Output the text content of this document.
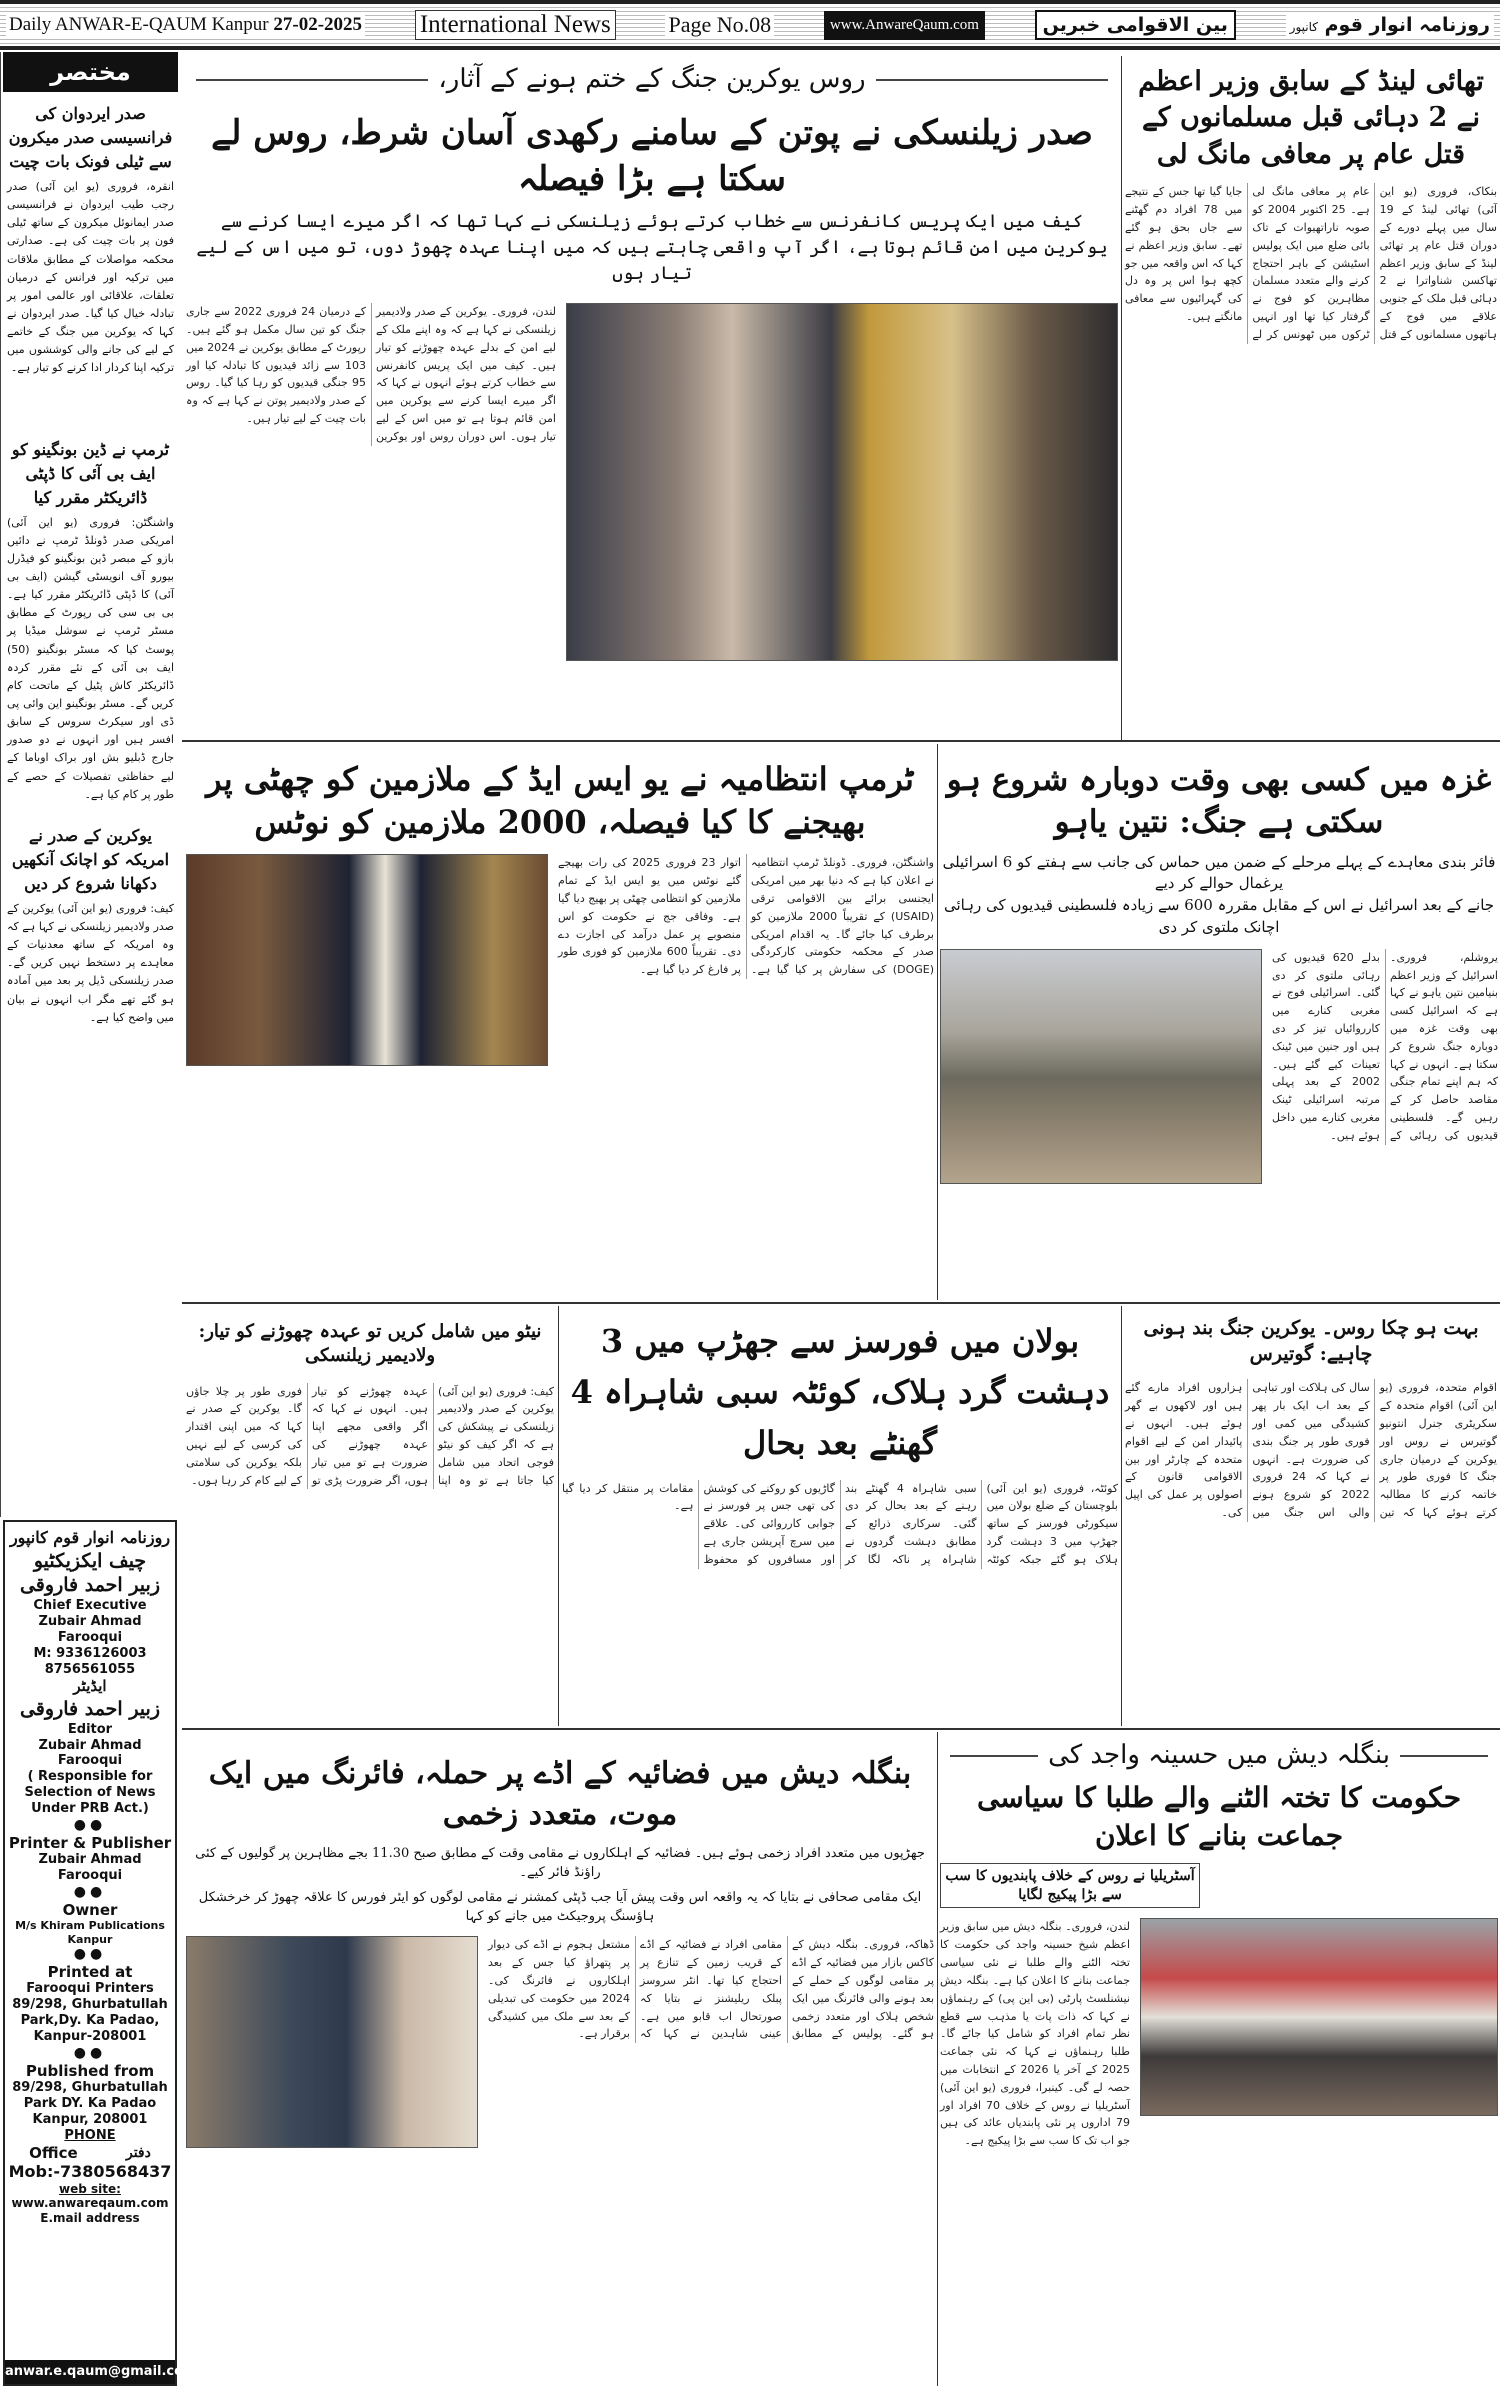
Daily ANWAR-E-QAUM Kanpur 27-02-2025 International News	Page No.08	www.AnwareQaum.com	بین الاقوامی خبریں	روزنامہ انوار قوم کانپور
مختصر
صدر ایردوان کی فرانسیسی صدر میکرون سے ٹیلی فونک بات چیت

انقرہ، فروری (یو این آئی) صدر رجب طیب ایردوان نے فرانسیسی صدر ایمانوئل میکرون کے ساتھ ٹیلی فون پر بات چیت کی ہے۔ صدارتی محکمہ مواصلات کے مطابق ملاقات میں ترکیہ اور فرانس کے درمیان تعلقات، علاقائی اور عالمی امور پر تبادلہ خیال کیا گیا۔ صدر ایردوان نے کہا کہ یوکرین میں جنگ کے خاتمے کے لیے کی جانے والی کوششوں میں ترکیہ اپنا کردار ادا کرنے کو تیار ہے۔

ٹرمپ نے ڈین بونگینو کو ایف بی آئی کا ڈپٹی ڈائریکٹر مقرر کیا

واشنگٹن: فروری (یو این آئی) امریکی صدر ڈونلڈ ٹرمپ نے دائیں بازو کے مبصر ڈین بونگینو کو فیڈرل بیورو آف انویسٹی گیشن (ایف بی آئی) کا ڈپٹی ڈائریکٹر مقرر کیا ہے۔ بی بی سی کی رپورٹ کے مطابق مسٹر ٹرمپ نے سوشل میڈیا پر پوسٹ کیا کہ مسٹر بونگینو (50) ایف بی آئی کے نئے مقرر کردہ ڈائریکٹر کاش پٹیل کے ماتحت کام کریں گے۔ مسٹر بونگینو این وائی پی ڈی اور سیکرٹ سروس کے سابق افسر ہیں اور انہوں نے دو صدور جارج ڈبلیو بش اور براک اوباما کے لیے حفاظتی تفصیلات کے حصے کے طور پر کام کیا ہے۔

یوکرین کے صدر نے امریکہ کو اچانک آنکھیں دکھانا شروع کر دیں

کیف: فروری (یو این آئی) یوکرین کے صدر ولادیمیر زیلنسکی نے کہا ہے کہ وہ امریکہ کے ساتھ معدنیات کے معاہدے پر دستخط نہیں کریں گے۔ صدر زیلنسکی ڈیل پر بعد میں آمادہ ہو گئے تھے مگر اب انہوں نے بیان میں واضح کیا ہے۔

روزنامہ انوار قوم کانپور
چیف ایکزیکٹیو
زبیر احمد فاروقی
Chief Executive
Zubair Ahmad Farooqui
M: 9336126003
8756561055
ایڈیٹر
زبیر احمد فاروقی
Editor
Zubair Ahmad Farooqui
( Responsible for Selection of News Under PRB Act.)
●●
Printer & Publisher
Zubair Ahmad Farooqui
●●
Owner
M/s Khiram Publications
Kanpur
●●
Printed at
Farooqui Printers
89/298, Ghurbatullah Park,Dy. Ka Padao, Kanpur-208001
●●
Published from
89/298, Ghurbatullah Park DY. Ka Padao Kanpur, 208001
PHONE
Office	دفتر
Mob:-7380568437
web site:
www.anwareqaum.com
E.mail address
anwar.e.qaum@gmail.com
تھائی لینڈ کے سابق وزیر اعظم نے 2 دہائی قبل مسلمانوں کے قتل عام پر معافی مانگ لی
بنکاک، فروری (یو این آئی) تھائی لینڈ کے 19 سال میں پہلے دورے کے دوران قتل عام پر تھائی لینڈ کے سابق وزیر اعظم تھاکسن شناواترا نے 2 دہائی قبل ملک کے جنوبی علاقے میں فوج کے ہاتھوں مسلمانوں کے قتل عام پر معافی مانگ لی ہے۔ 25 اکتوبر 2004 کو صوبہ ناراتھیوات کے تاک بائی ضلع میں ایک پولیس اسٹیشن کے باہر احتجاج کرنے والے متعدد مسلمان مظاہرین کو فوج نے گرفتار کیا تھا اور انہیں ٹرکوں میں ٹھونس کر لے جایا گیا تھا جس کے نتیجے میں 78 افراد دم گھٹنے سے جاں بحق ہو گئے تھے۔ سابق وزیر اعظم نے کہا کہ اس واقعہ میں جو کچھ ہوا اس پر وہ دل کی گہرائیوں سے معافی مانگتے ہیں۔
روس یوکرین جنگ کے ختم ہونے کے آثار،
صدر زیلنسکی نے پوتن کے سامنے رکھدی آسان شرط، روس لے سکتا ہے بڑا فیصلہ
کیف میں ایک پریس کانفرنس سے خطاب کرتے ہوئے زیلنسکی نے کہا تھا کہ اگر میرے ایسا کرنے سے یوکرین میں امن قائم ہوتا ہے، اگر آپ واقعی چاہتے ہیں کہ میں اپنا عہدہ چھوڑ دوں، تو میں اس کے لیے تیار ہوں
لندن، فروری۔ یوکرین کے صدر ولادیمیر زیلنسکی نے کہا ہے کہ وہ اپنے ملک کے لیے امن کے بدلے عہدہ چھوڑنے کو تیار ہیں۔ کیف میں ایک پریس کانفرنس سے خطاب کرتے ہوئے انہوں نے کہا کہ اگر میرے ایسا کرنے سے یوکرین میں امن قائم ہوتا ہے تو میں اس کے لیے تیار ہوں۔ اس دوران روس اور یوکرین کے درمیان 24 فروری 2022 سے جاری جنگ کو تین سال مکمل ہو گئے ہیں۔ رپورٹ کے مطابق یوکرین نے 2024 میں 103 سے زائد قیدیوں کا تبادلہ کیا اور 95 جنگی قیدیوں کو رہا کیا گیا۔ روس کے صدر ولادیمیر پوتن نے کہا ہے کہ وہ بات چیت کے لیے تیار ہیں۔
غزہ میں کسی بھی وقت دوبارہ شروع ہو سکتی ہے جنگ: نتین یاہو
فائر بندی معاہدے کے پہلے مرحلے کے ضمن میں حماس کی جانب سے ہفتے کو 6 اسرائیلی یرغمال حوالے کر دیے
جانے کے بعد اسرائیل نے اس کے مقابل مقررہ 600 سے زیادہ فلسطینی قیدیوں کی رہائی اچانک ملتوی کر دی
یروشلم، فروری۔ اسرائیل کے وزیر اعظم بنیامین نتین یاہو نے کہا ہے کہ اسرائیل کسی بھی وقت غزہ میں دوبارہ جنگ شروع کر سکتا ہے۔ انہوں نے کہا کہ ہم اپنے تمام جنگی مقاصد حاصل کر کے رہیں گے۔ فلسطینی قیدیوں کی رہائی کے بدلے 620 قیدیوں کی رہائی ملتوی کر دی گئی۔ اسرائیلی فوج نے مغربی کنارے میں کارروائیاں تیز کر دی ہیں اور جنین میں ٹینک تعینات کیے گئے ہیں۔ 2002 کے بعد پہلی مرتبہ اسرائیلی ٹینک مغربی کنارے میں داخل ہوئے ہیں۔
ٹرمپ انتظامیہ نے یو ایس ایڈ کے ملازمین کو چھٹی پر بھیجنے کا کیا فیصلہ، 2000 ملازمین کو نوٹس
واشنگٹن، فروری۔ ڈونلڈ ٹرمپ انتظامیہ نے اعلان کیا ہے کہ دنیا بھر میں امریکی ایجنسی برائے بین الاقوامی ترقی (USAID) کے تقریباً 2000 ملازمین کو برطرف کیا جائے گا۔ یہ اقدام امریکی صدر کے محکمہ حکومتی کارکردگی (DOGE) کی سفارش پر کیا گیا ہے۔ اتوار 23 فروری 2025 کی رات بھیجے گئے نوٹس میں یو ایس ایڈ کے تمام ملازمین کو انتظامی چھٹی پر بھیج دیا گیا ہے۔ وفاقی جج نے حکومت کو اس منصوبے پر عمل درآمد کی اجازت دے دی۔ تقریباً 600 ملازمین کو فوری طور پر فارغ کر دیا گیا ہے۔
بہت ہو چکا روس۔ یوکرین جنگ بند ہونی چاہیے: گوتیرس
اقوام متحدہ، فروری (یو این آئی) اقوام متحدہ کے سکریٹری جنرل انتونیو گوتیرس نے روس اور یوکرین کے درمیان جاری جنگ کا فوری طور پر خاتمہ کرنے کا مطالبہ کرتے ہوئے کہا کہ تین سال کی ہلاکت اور تباہی کے بعد اب ایک بار پھر کشیدگی میں کمی اور فوری طور پر جنگ بندی کی ضرورت ہے۔ انہوں نے کہا کہ 24 فروری 2022 کو شروع ہونے والی اس جنگ میں ہزاروں افراد مارے گئے ہیں اور لاکھوں بے گھر ہوئے ہیں۔ انہوں نے پائیدار امن کے لیے اقوام متحدہ کے چارٹر اور بین الاقوامی قانون کے اصولوں پر عمل کی اپیل کی۔
بولان میں فورسز سے جھڑپ میں 3 دہشت گرد ہلاک، کوئٹہ سبی شاہراہ 4 گھنٹے بعد بحال
کوئٹہ، فروری (یو این آئی) بلوچستان کے ضلع بولان میں سیکورٹی فورسز کے ساتھ جھڑپ میں 3 دہشت گرد ہلاک ہو گئے جبکہ کوئٹہ سبی شاہراہ 4 گھنٹے بند رہنے کے بعد بحال کر دی گئی۔ سرکاری ذرائع کے مطابق دہشت گردوں نے شاہراہ پر ناکہ لگا کر گاڑیوں کو روکنے کی کوشش کی تھی جس پر فورسز نے جوابی کارروائی کی۔ علاقے میں سرچ آپریشن جاری ہے اور مسافروں کو محفوظ مقامات پر منتقل کر دیا گیا ہے۔
نیٹو میں شامل کریں تو عہدہ چھوڑنے کو تیار: ولادیمیر زیلنسکی
کیف: فروری (یو این آئی) یوکرین کے صدر ولادیمیر زیلنسکی نے پیشکش کی ہے کہ اگر کیف کو نیٹو فوجی اتحاد میں شامل کیا جاتا ہے تو وہ اپنا عہدہ چھوڑنے کو تیار ہیں۔ انہوں نے کہا کہ اگر واقعی مجھے اپنا عہدہ چھوڑنے کی ضرورت ہے تو میں تیار ہوں، اگر ضرورت پڑی تو فوری طور پر چلا جاؤں گا۔ یوکرین کے صدر نے کہا کہ میں اپنی اقتدار کی کرسی کے لیے نہیں بلکہ یوکرین کی سلامتی کے لیے کام کر رہا ہوں۔
بنگلہ دیش میں حسینہ واجد کی
حکومت کا تختہ الٹنے والے طلبا کا سیاسی جماعت بنانے کا اعلان
آسٹریلیا نے روس کے خلاف پابندیوں کا سب سے بڑا پیکیج لگایا
لندن، فروری۔ بنگلہ دیش میں سابق وزیر اعظم شیخ حسینہ واجد کی حکومت کا تختہ الٹنے والے طلبا نے نئی سیاسی جماعت بنانے کا اعلان کیا ہے۔ بنگلہ دیش نیشنلسٹ پارٹی (بی این پی) کے رہنماؤں نے کہا کہ ذات پات یا مذہب سے قطع نظر تمام افراد کو شامل کیا جائے گا۔ طلبا رہنماؤں نے کہا کہ نئی جماعت 2025 کے آخر یا 2026 کے انتخابات میں حصہ لے گی۔ کینبرا، فروری (یو این آئی) آسٹریلیا نے روس کے خلاف 70 افراد اور 79 اداروں پر نئی پابندیاں عائد کی ہیں جو اب تک کا سب سے بڑا پیکیج ہے۔
بنگلہ دیش میں فضائیہ کے اڈے پر حملہ، فائرنگ میں ایک موت، متعدد زخمی
جھڑپوں میں متعدد افراد زخمی ہوئے ہیں۔ فضائیہ کے اہلکاروں نے مقامی وقت کے مطابق صبح 11.30 بجے مظاہرین پر گولیوں کے کئی راؤنڈ فائر کیے۔
ایک مقامی صحافی نے بتایا کہ یہ واقعہ اس وقت پیش آیا جب ڈپٹی کمشنر نے مقامی لوگوں کو ایئر فورس کا علاقہ چھوڑ کر خرخشکل ہاؤسنگ پروجیکٹ میں جانے کو کہا
ڈھاکہ، فروری۔ بنگلہ دیش کے کاکس بازار میں فضائیہ کے اڈے پر مقامی لوگوں کے حملے کے بعد ہونے والی فائرنگ میں ایک شخص ہلاک اور متعدد زخمی ہو گئے۔ پولیس کے مطابق مقامی افراد نے فضائیہ کے اڈے کے قریب زمین کے تنازع پر احتجاج کیا تھا۔ انٹر سروسز پبلک ریلیشنز نے بتایا کہ صورتحال اب قابو میں ہے۔ عینی شاہدین نے کہا کہ مشتعل ہجوم نے اڈے کی دیوار پر پتھراؤ کیا جس کے بعد اہلکاروں نے فائرنگ کی۔ 2024 میں حکومت کی تبدیلی کے بعد سے ملک میں کشیدگی برقرار ہے۔
